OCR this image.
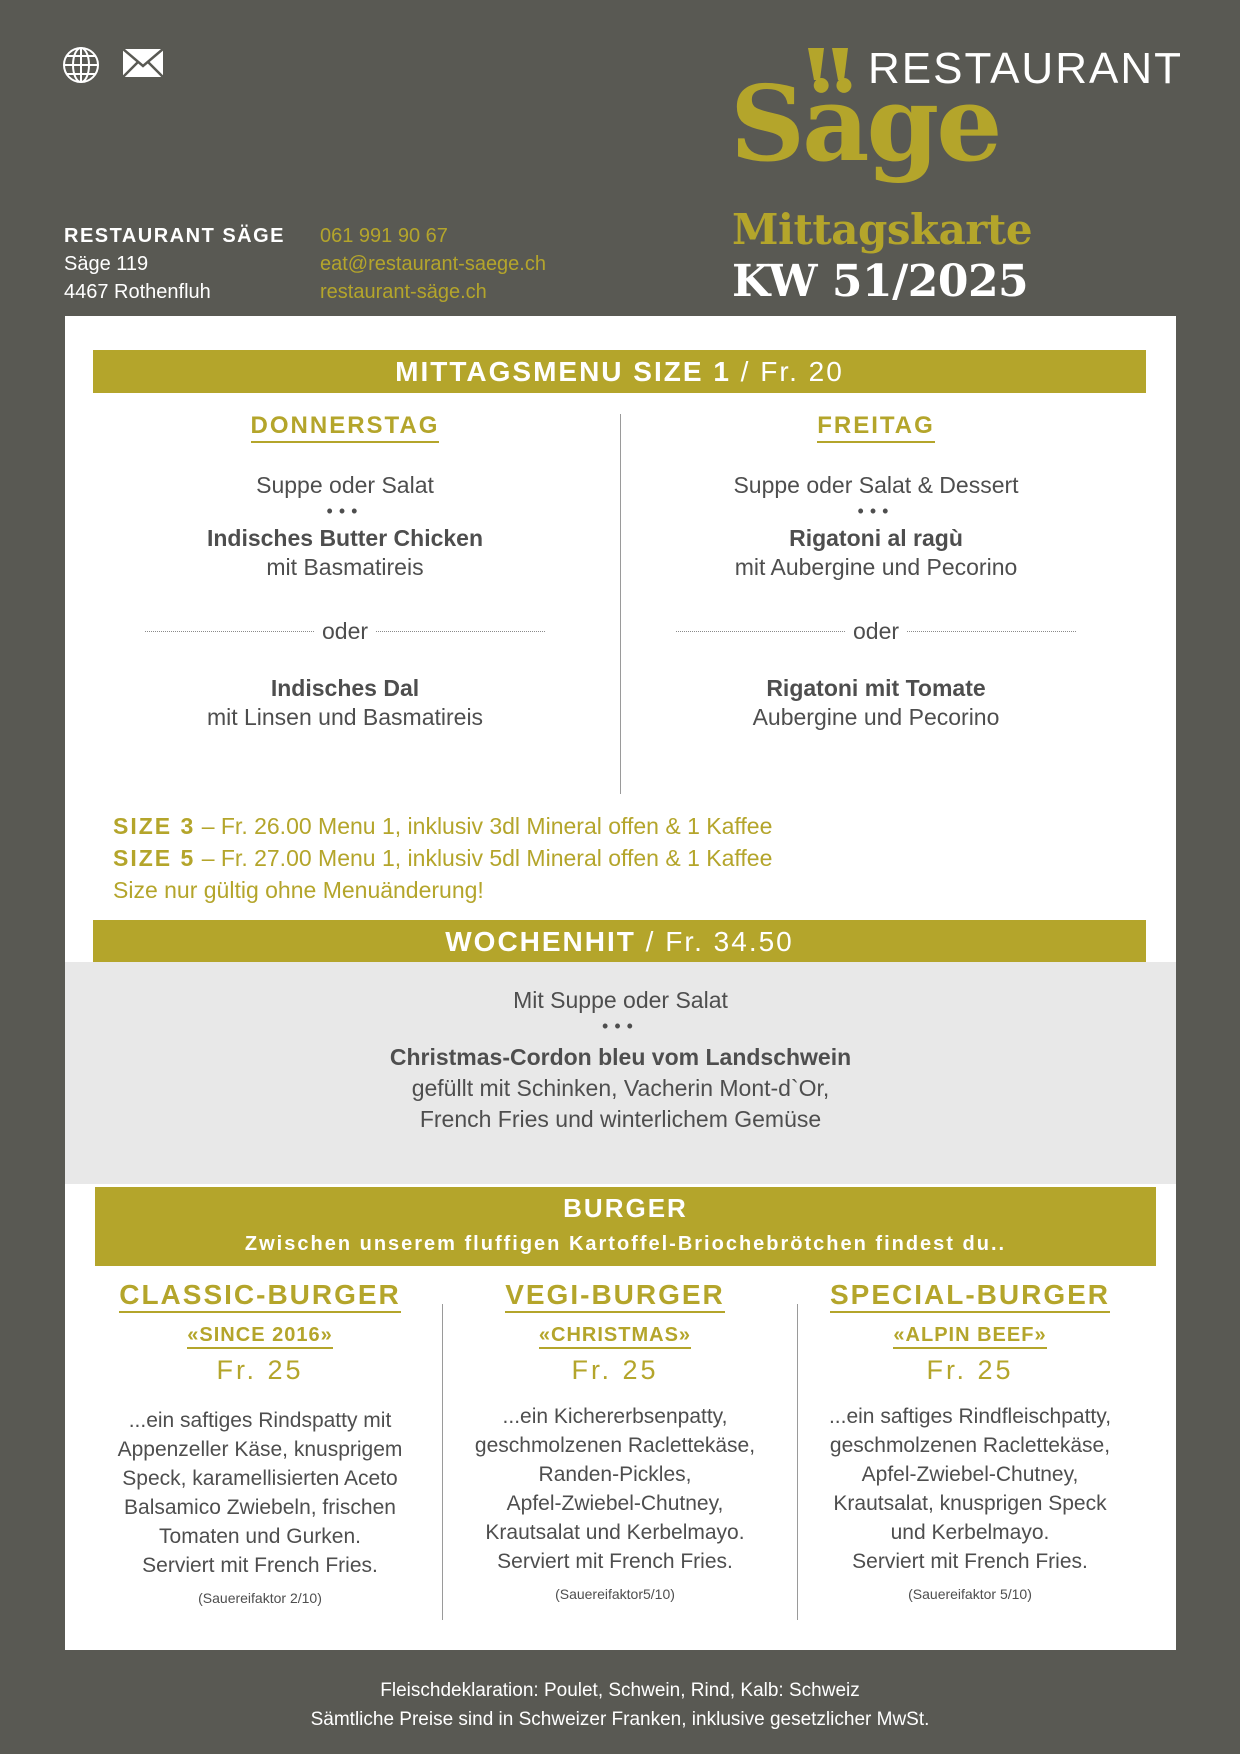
RESTAURANT SÄGE
Säge 119
4467 Rothenfluh
061 991 90 67
eat@restaurant-saege.ch
restaurant-säge.ch
RESTAURANT
Säge
Mittagskarte
KW 51/2025
MITTAGSMENU SIZE 1 / Fr. 20
DONNERSTAG
Suppe oder Salat
•••
Indisches Butter Chicken
mit Basmatireis
oder
Indisches Dal
mit Linsen und Basmatireis
FREITAG
Suppe oder Salat & Dessert
•••
Rigatoni al ragù
mit Aubergine und Pecorino
oder
Rigatoni mit Tomate
Aubergine und Pecorino
SIZE 3 – Fr. 26.00 Menu 1, inklusiv 3dl Mineral offen & 1 Kaffee
SIZE 5 – Fr. 27.00 Menu 1, inklusiv 5dl Mineral offen & 1 Kaffee
Size nur gültig ohne Menuänderung!
WOCHENHIT / Fr. 34.50
Mit Suppe oder Salat
•••
Christmas-Cordon bleu vom Landschwein
gefüllt mit Schinken, Vacherin Mont-d`Or,
French Fries und winterlichem Gemüse
BURGER
Zwischen unserem fluffigen Kartoffel-Briochebrötchen findest du..
CLASSIC-BURGER
«SINCE 2016»
Fr. 25
...ein saftiges Rindspatty mit
Appenzeller Käse, knusprigem
Speck, karamellisierten Aceto
Balsamico Zwiebeln, frischen
Tomaten und Gurken.
Serviert mit French Fries.
(Sauereifaktor 2/10)
VEGI-BURGER
«CHRISTMAS»
Fr. 25
...ein Kichererbsenpatty,
geschmolzenen Raclettekäse,
Randen-Pickles,
Apfel-Zwiebel-Chutney,
Krautsalat und Kerbelmayo.
Serviert mit French Fries.
(Sauereifaktor5/10)
SPECIAL-BURGER
«ALPIN BEEF»
Fr. 25
...ein saftiges Rindfleischpatty,
geschmolzenen Raclettekäse,
Apfel-Zwiebel-Chutney,
Krautsalat, knusprigen Speck
und Kerbelmayo.
Serviert mit French Fries.
(Sauereifaktor 5/10)
Fleischdeklaration: Poulet, Schwein, Rind, Kalb: Schweiz
Sämtliche Preise sind in Schweizer Franken, inklusive gesetzlicher MwSt.
